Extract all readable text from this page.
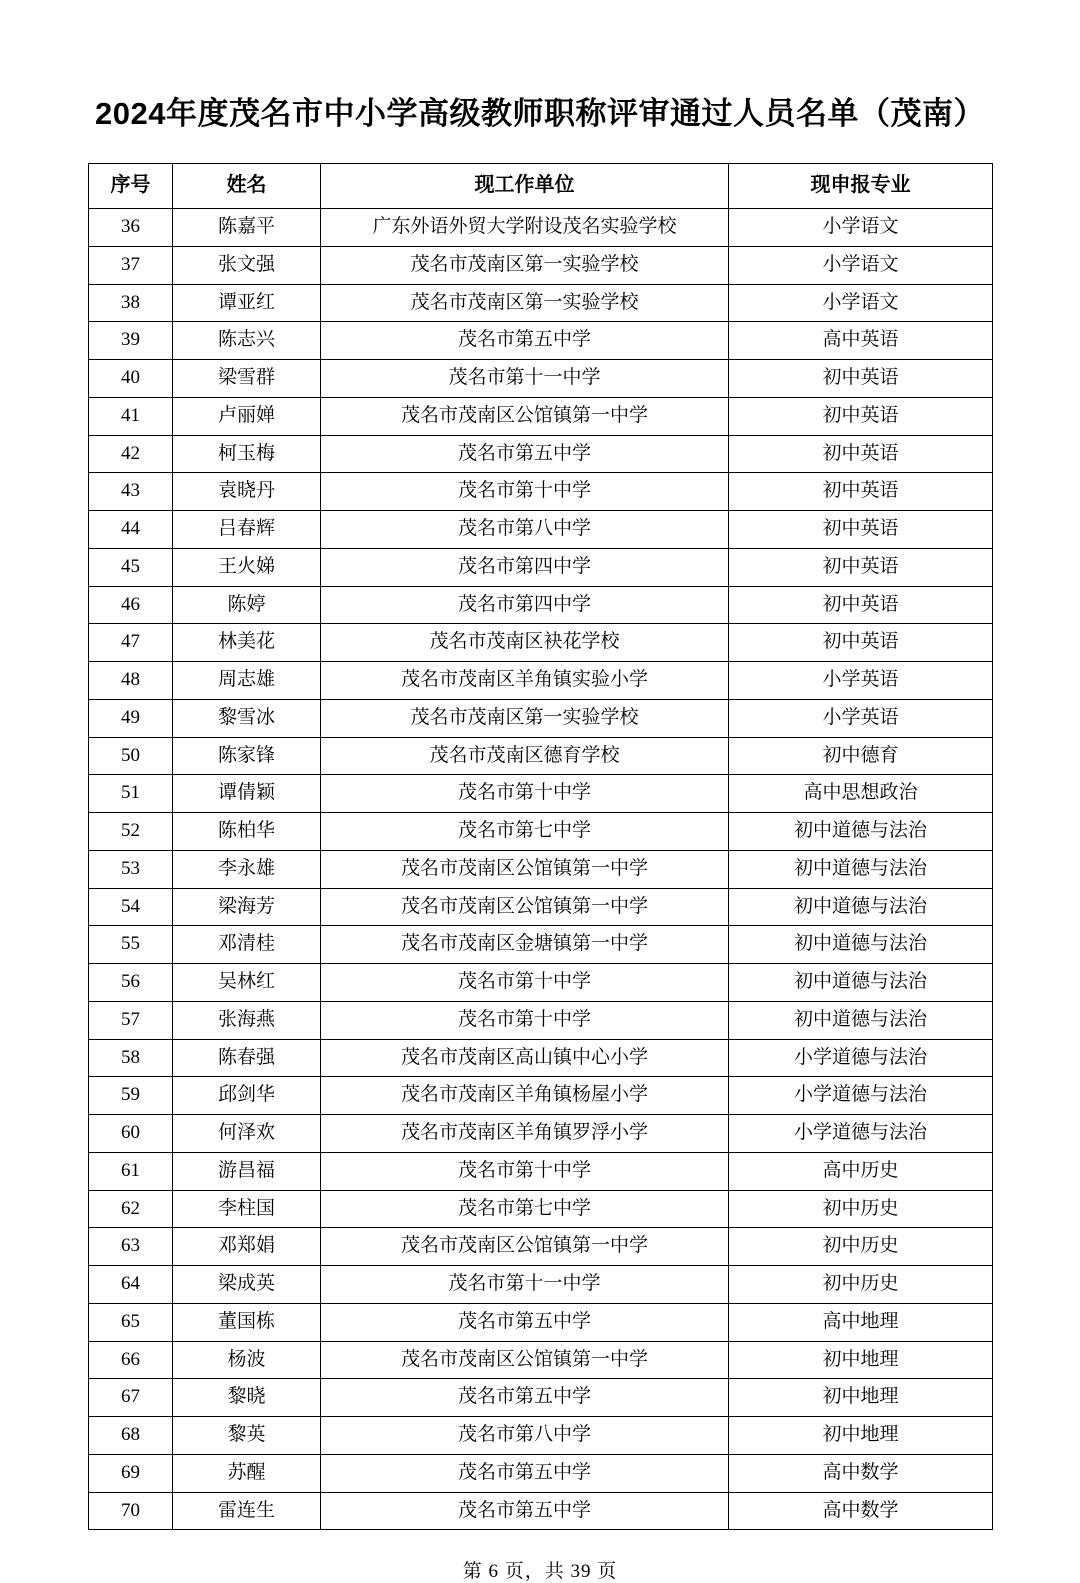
2024年度茂名市中小学高级教师职称评审通过人员名单（茂南）
序号	姓名	现工作单位	现申报专业
36	陈嘉平	广东外语外贸大学附设茂名实验学校	小学语文
37	张文强	茂名市茂南区第一实验学校	小学语文
38	谭亚红	茂名市茂南区第一实验学校	小学语文
39	陈志兴	茂名市第五中学	高中英语
40	梁雪群	茂名市第十一中学	初中英语
41	卢丽婵	茂名市茂南区公馆镇第一中学	初中英语
42	柯玉梅	茂名市第五中学	初中英语
43	袁晓丹	茂名市第十中学	初中英语
44	吕春辉	茂名市第八中学	初中英语
45	王火娣	茂名市第四中学	初中英语
46	陈婷	茂名市第四中学	初中英语
47	林美花	茂名市茂南区袂花学校	初中英语
48	周志雄	茂名市茂南区羊角镇实验小学	小学英语
49	黎雪冰	茂名市茂南区第一实验学校	小学英语
50	陈家锋	茂名市茂南区德育学校	初中德育
51	谭倩颖	茂名市第十中学	高中思想政治
52	陈柏华	茂名市第七中学	初中道德与法治
53	李永雄	茂名市茂南区公馆镇第一中学	初中道德与法治
54	梁海芳	茂名市茂南区公馆镇第一中学	初中道德与法治
55	邓清桂	茂名市茂南区金塘镇第一中学	初中道德与法治
56	吴林红	茂名市第十中学	初中道德与法治
57	张海燕	茂名市第十中学	初中道德与法治
58	陈春强	茂名市茂南区高山镇中心小学	小学道德与法治
59	邱剑华	茂名市茂南区羊角镇杨屋小学	小学道德与法治
60	何泽欢	茂名市茂南区羊角镇罗浮小学	小学道德与法治
61	游昌福	茂名市第十中学	高中历史
62	李柱国	茂名市第七中学	初中历史
63	邓郑娟	茂名市茂南区公馆镇第一中学	初中历史
64	梁成英	茂名市第十一中学	初中历史
65	董国栋	茂名市第五中学	高中地理
66	杨波	茂名市茂南区公馆镇第一中学	初中地理
67	黎晓	茂名市第五中学	初中地理
68	黎英	茂名市第八中学	初中地理
69	苏醒	茂名市第五中学	高中数学
70	雷连生	茂名市第五中学	高中数学
第 6 页，共 39 页
